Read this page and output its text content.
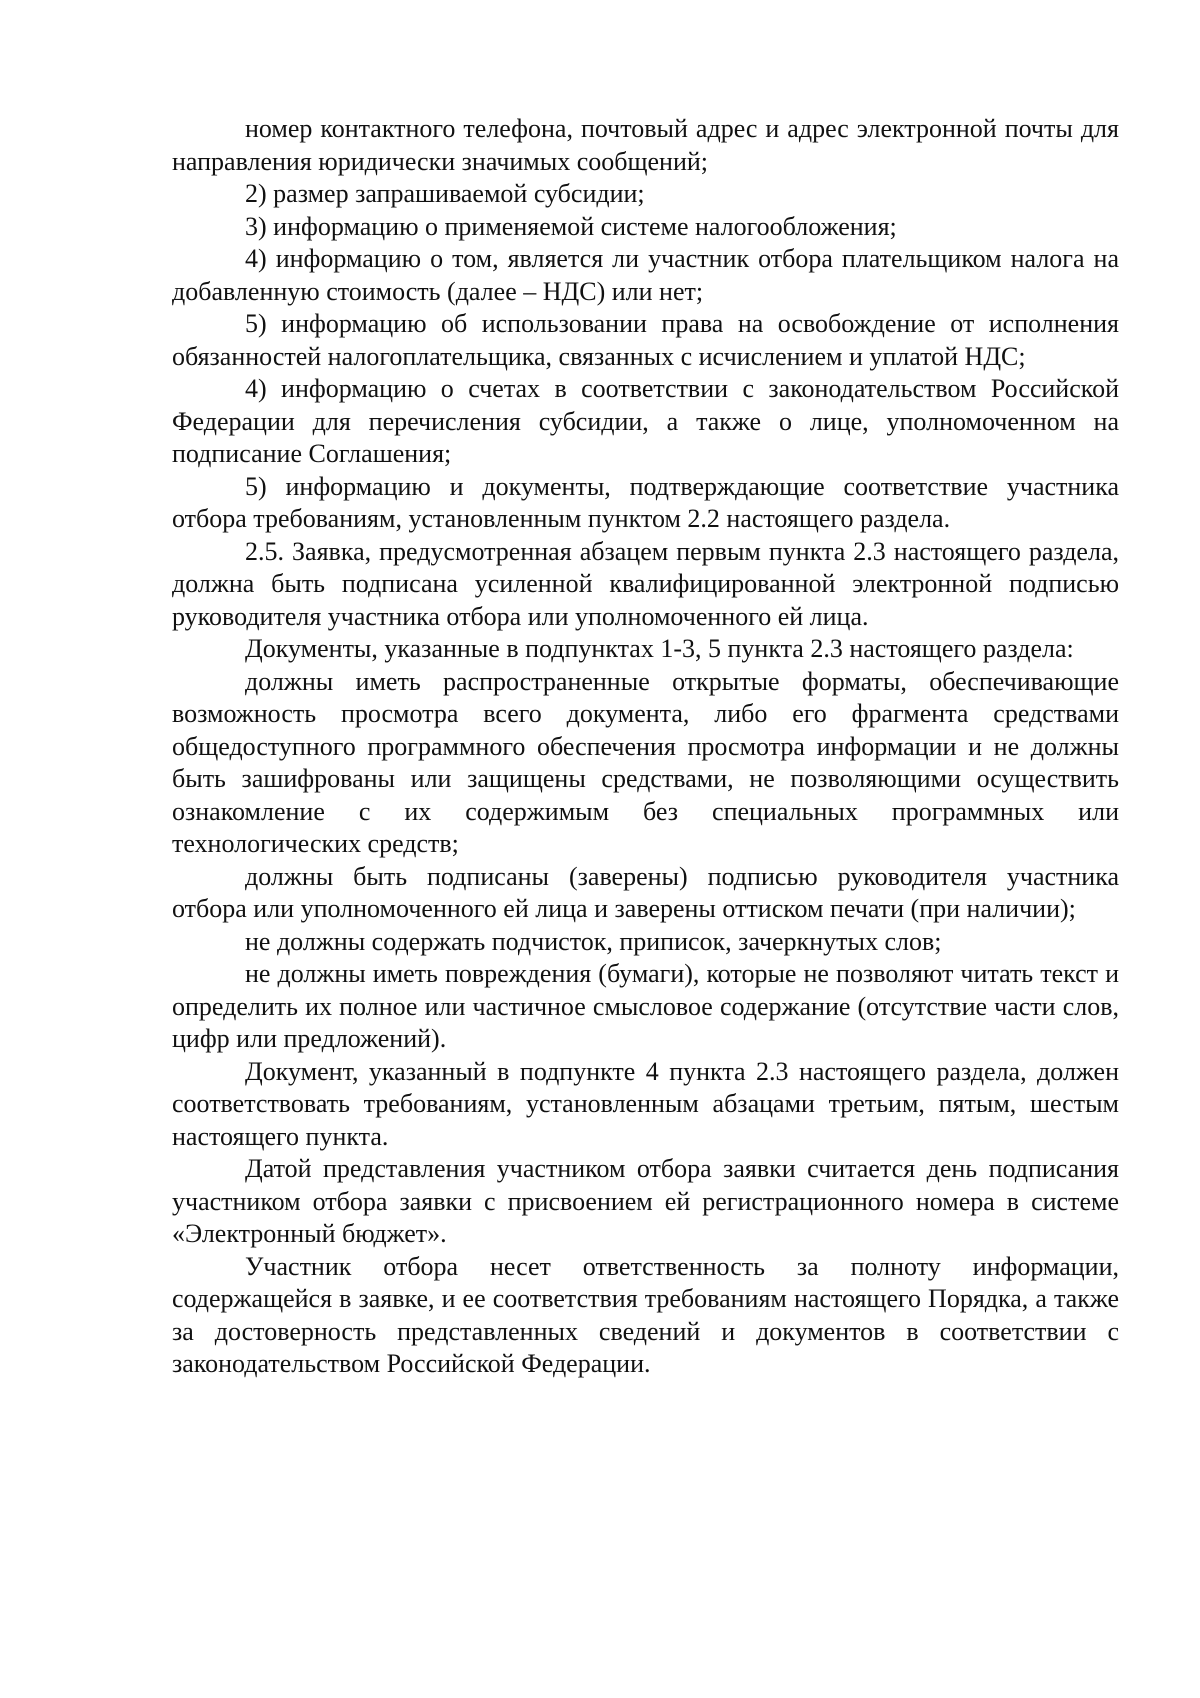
номер контактного телефона, почтовый адрес и адрес электронной почты для направления юридически значимых сообщений;

2) размер запрашиваемой субсидии;

3) информацию о применяемой системе налогообложения;

4) информацию о том, является ли участник отбора плательщиком налога на добавленную стоимость (далее – НДС) или нет;

5) информацию об использовании права на освобождение от исполнения обязанностей налогоплательщика, связанных с исчислением и уплатой НДС;

4) информацию о счетах в соответствии с законодательством Российской Федерации для перечисления субсидии, а также о лице, уполномоченном на подписание Соглашения;

5) информацию и документы, подтверждающие соответствие участника отбора требованиям, установленным пунктом 2.2 настоящего раздела.

2.5. Заявка, предусмотренная абзацем первым пункта 2.3 настоящего раздела, должна быть подписана усиленной квалифицированной электронной подписью руководителя участника отбора или уполномоченного ей лица.

Документы, указанные в подпунктах 1-3, 5 пункта 2.3 настоящего раздела:

должны иметь распространенные открытые форматы, обеспечивающие возможность просмотра всего документа, либо его фрагмента средствами общедоступного программного обеспечения просмотра информации и не должны быть зашифрованы или защищены средствами, не позволяющими осуществить ознакомление с их содержимым без специальных программных или технологических средств;

должны быть подписаны (заверены) подписью руководителя участника отбора или уполномоченного ей лица и заверены оттиском печати (при наличии);

не должны содержать подчисток, приписок, зачеркнутых слов;

не должны иметь повреждения (бумаги), которые не позволяют читать текст и определить их полное или частичное смысловое содержание (отсутствие части слов, цифр или предложений).

Документ, указанный в подпункте 4 пункта 2.3 настоящего раздела, должен соответствовать требованиям, установленным абзацами третьим, пятым, шестым настоящего пункта.

Датой представления участником отбора заявки считается день подписания участником отбора заявки с присвоением ей регистрационного номера в системе «Электронный бюджет».

Участник отбора несет ответственность за полноту информации, содержащейся в заявке, и ее соответствия требованиям настоящего Порядка, а также за достоверность представленных сведений и документов в соответствии с законодательством Российской Федерации.
